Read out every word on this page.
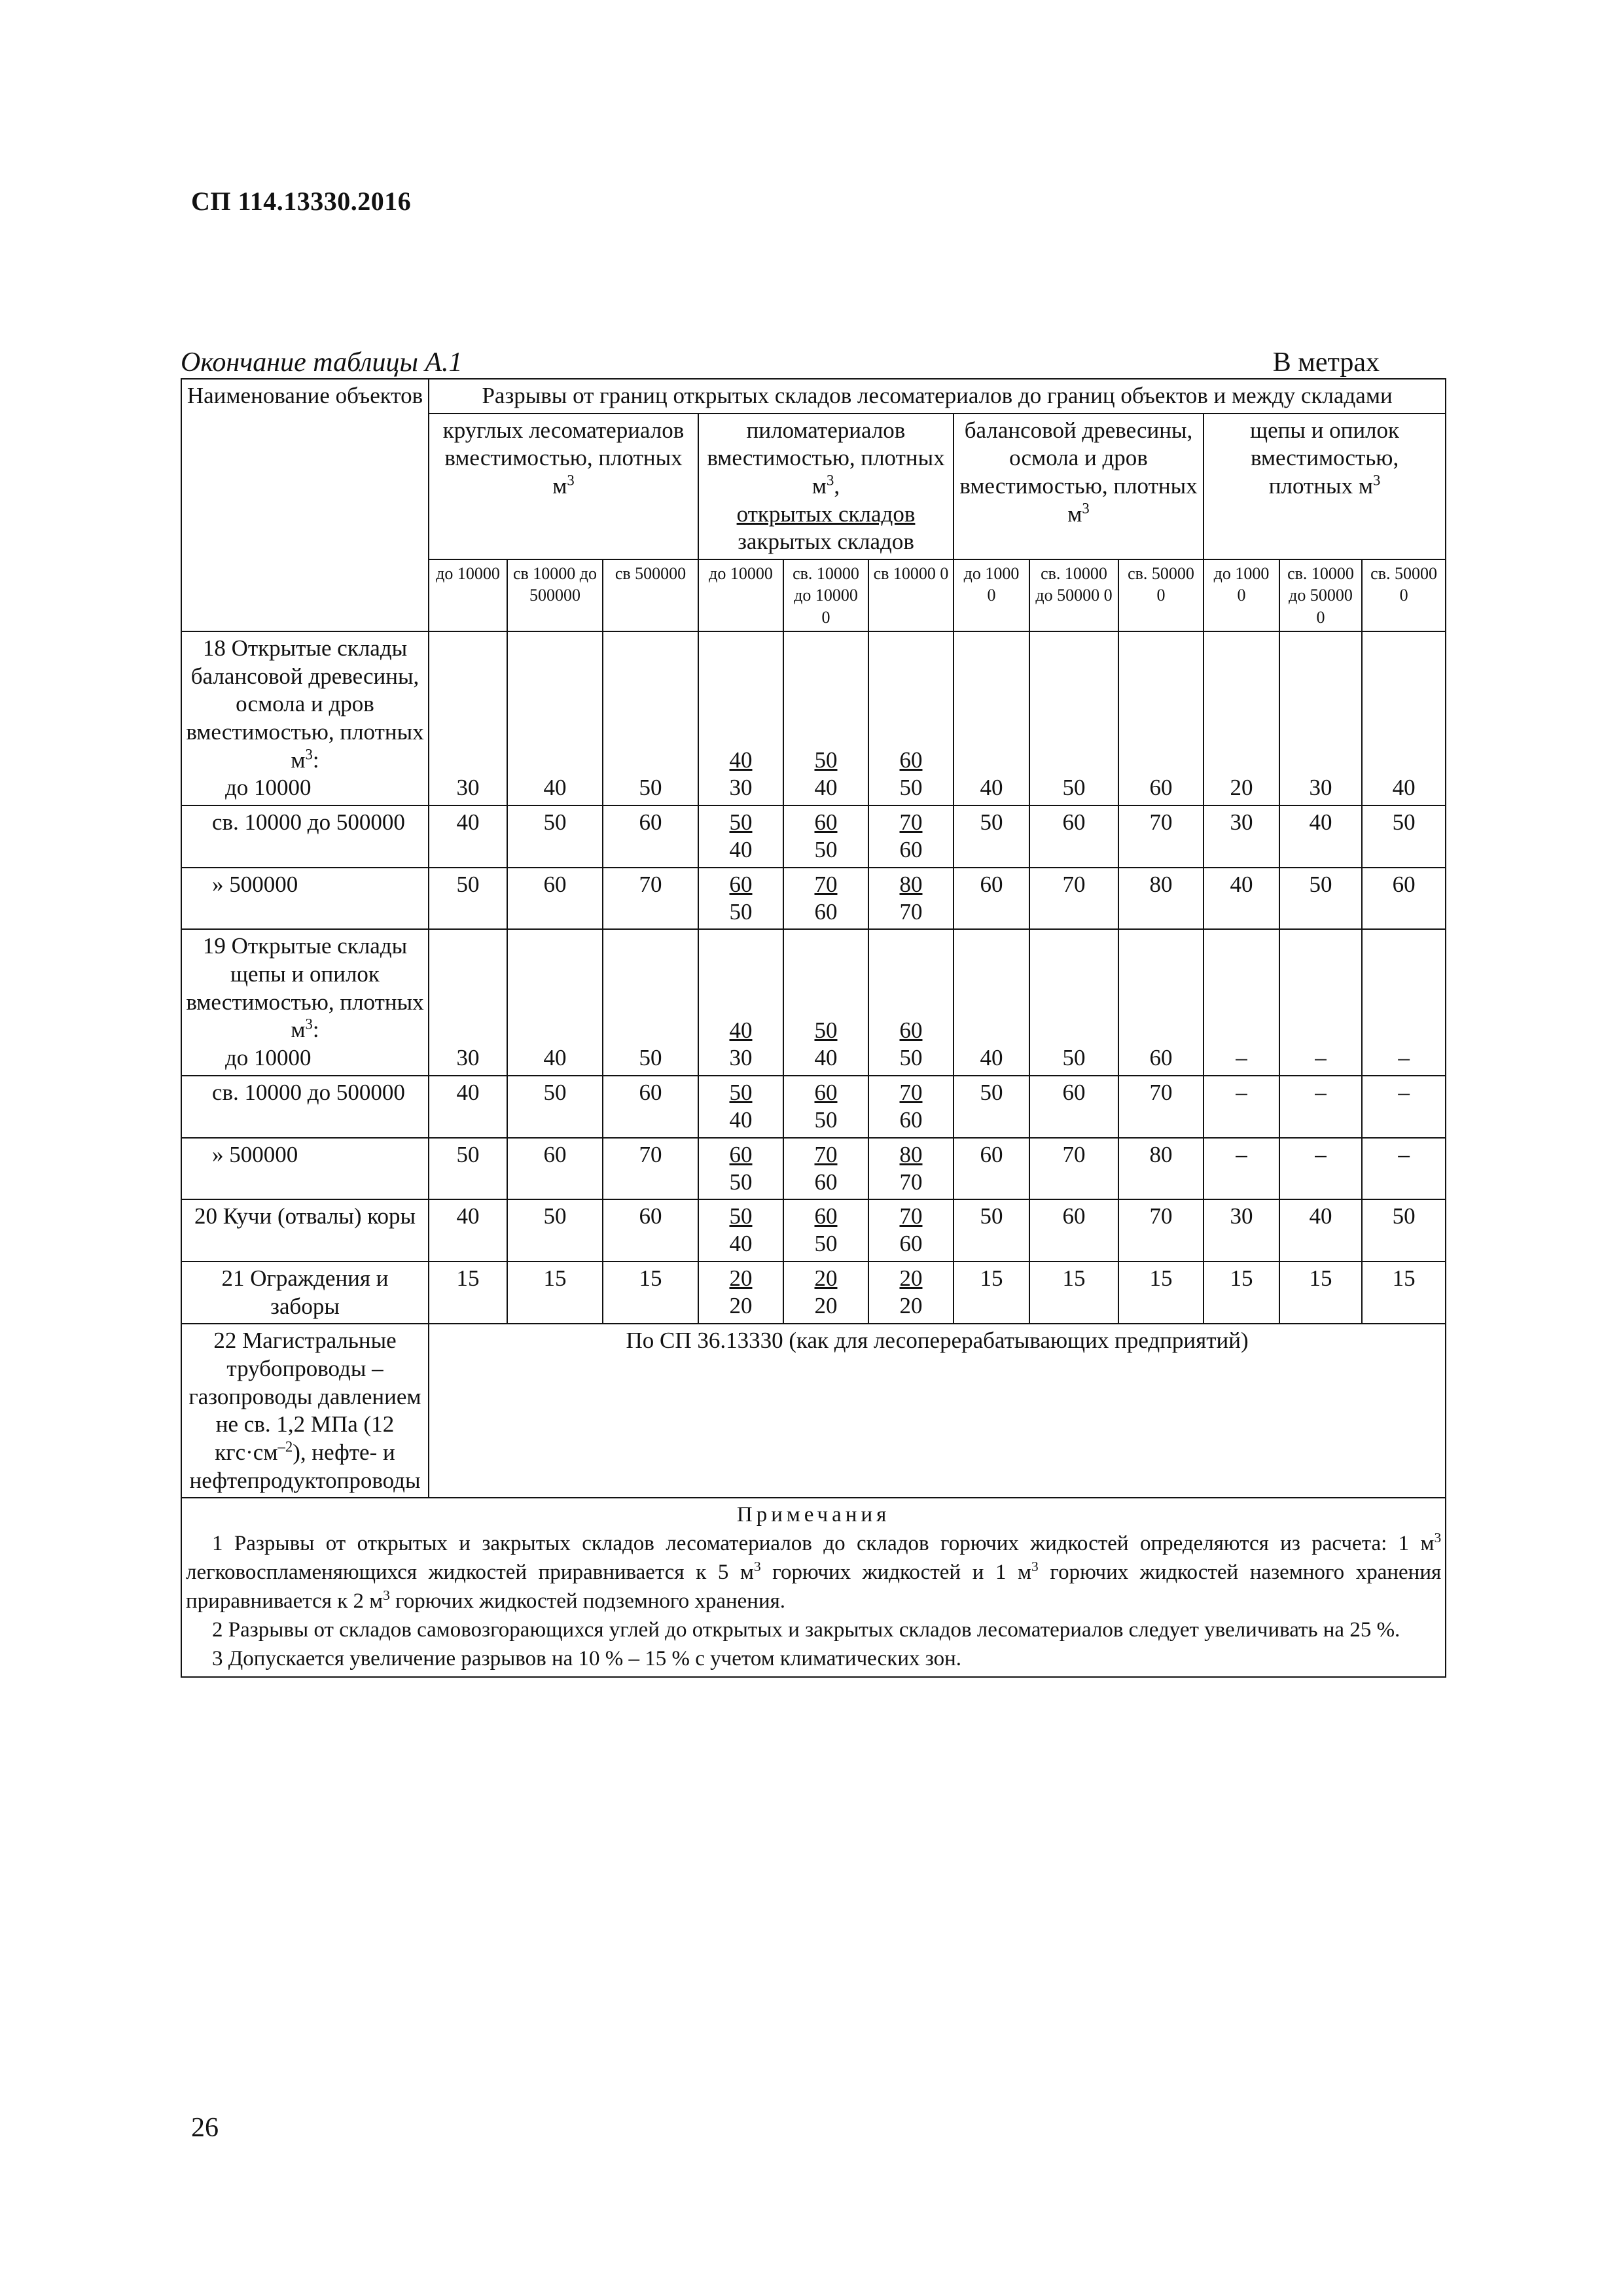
СП 114.13330.2016
Окончание таблицы А.1	В метрах
Наименование объектов	Разрывы от границ открытых складов лесоматериалов до границ объектов и между складами											
	круглых лесоматериалов вместимостью, плотных $м^3$			пиломатериалов вместимостью, плотных $м^3$,
открытых складов
закрытых складов			балансовой древесины, осмола и дров вместимостью, плотных $м^3$			щепы и опилок вместимостью, плотных $м^3$
	до 10000	св 10000 до 500000	св 500000	до 10000	св. 10000 до 10000 0	св 10000 0	до 1000 0	св. 10000 до 50000 0	св. 50000 0	до 1000 0	св. 10000 до 50000 0	св. 50000 0
18 Открытые склады балансовой древесины, осмола и дров вместимостью, плотных $м^3$:
до 10000	30	40	50	$\frac{40}{30}$	$\frac{50}{40}$	$\frac{60}{50}$	40	50	60	20	30	40

св. 10000 до 500000	40	50	60	$\frac{50}{40}$	$\frac{60}{50}$	$\frac{70}{60}$	50	60	70	30	40	50

» 500000	50	60	70	$\frac{60}{50}$	$\frac{70}{60}$	$\frac{80}{70}$	60	70	80	40	50	60
19 Открытые склады щепы и опилок вместимостью, плотных $м^3$:
до 10000	30	40	50	$\frac{40}{30}$	$\frac{50}{40}$	$\frac{60}{50}$	40	50	60	–	–	–

св. 10000 до 500000	40	50	60	$\frac{50}{40}$	$\frac{60}{50}$	$\frac{70}{60}$	50	60	70	–	–	–

» 500000	50	60	70	$\frac{60}{50}$	$\frac{70}{60}$	$\frac{80}{70}$	60	70	80	–	–	–
20 Кучи (отвалы) коры	40	50	60	$\frac{50}{40}$	$\frac{60}{50}$	$\frac{70}{60}$	50	60	70	30	40	50
21 Ограждения и заборы	15	15	15	$\frac{20}{20}$	$\frac{20}{20}$	$\frac{20}{20}$	15	15	15	15	15	15
22 Магистральные трубопроводы – газопроводы давлением не св. 1,2 МПа (12 $кгс\cdot см^{-2}$), нефте- и нефтепродуктопроводы	По СП 36.13330 (как для лесоперерабатывающих предприятий)											

Примечания
1 Разрывы от открытых и закрытых складов лесоматериалов до складов горючих жидкостей определяются из расчета: 1 $м^3$ легковоспламеняющихся жидкостей приравнивается к 5 $м^3$ горючих жидкостей и 1 $м^3$ горючих жидкостей наземного хранения приравнивается к 2 $м^3$ горючих жидкостей подземного хранения.
2 Разрывы от складов самовозгорающихся углей до открытых и закрытых складов лесоматериалов следует увеличивать на 25 %.
3 Допускается увеличение разрывов на 10 % – 15 % с учетом климатических зон.												
26
